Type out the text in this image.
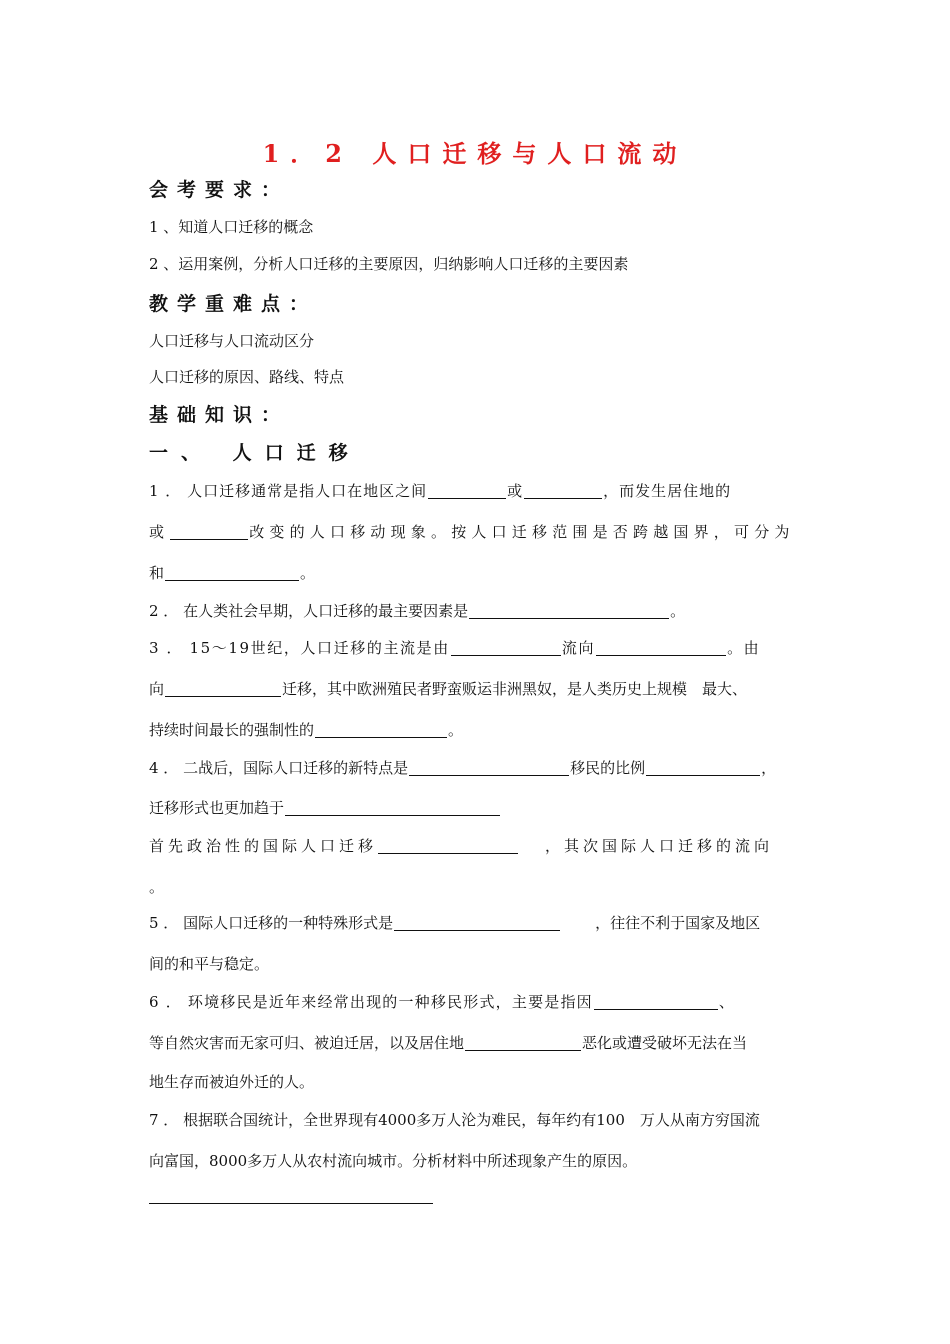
1．2 人口迁移与人口流动
会考要求：
1 、知道人口迁移的概念
2 、运用案例，分析人口迁移的主要原因，归纳影响人口迁移的主要因素
教学重难点：
人口迁移与人口流动区分
人口迁移的原因、路线、特点
基础知识：
一、 人口迁移
1 ． 人口迁移通常是指人口在地区之间	或	，而发生居住地的
或	改变的人口移动现象。按人口迁移范围是否跨越国界，可分为
和	。
2 ． 在人类社会早期，人口迁移的最主要因素是	。
3 ． 15～19世纪，人口迁移的主流是由	流向	。由
向	迁移，其中欧洲殖民者野蛮贩运非洲黑奴，是人类历史上规模　最大、
持续时间最长的强制性的	。
4 ． 二战后，国际人口迁移的新特点是	移民的比例	，
迁移形式也更加趋于
首先政治性的国际人口迁移	，其次国际人口迁移的流向
。
5 ． 国际人口迁移的一种特殊形式是	，往往不利于国家及地区
间的和平与稳定。
6 ． 环境移民是近年来经常出现的一种移民形式，主要是指因	、
等自然灾害而无家可归、被迫迁居，以及居住地	恶化或遭受破坏无法在当
地生存而被迫外迁的人。
7 ． 根据联合国统计，全世界现有4000多万人沦为难民，每年约有100　万人从南方穷国流
向富国，8000多万人从农村流向城市。分析材料中所述现象产生的原因。
